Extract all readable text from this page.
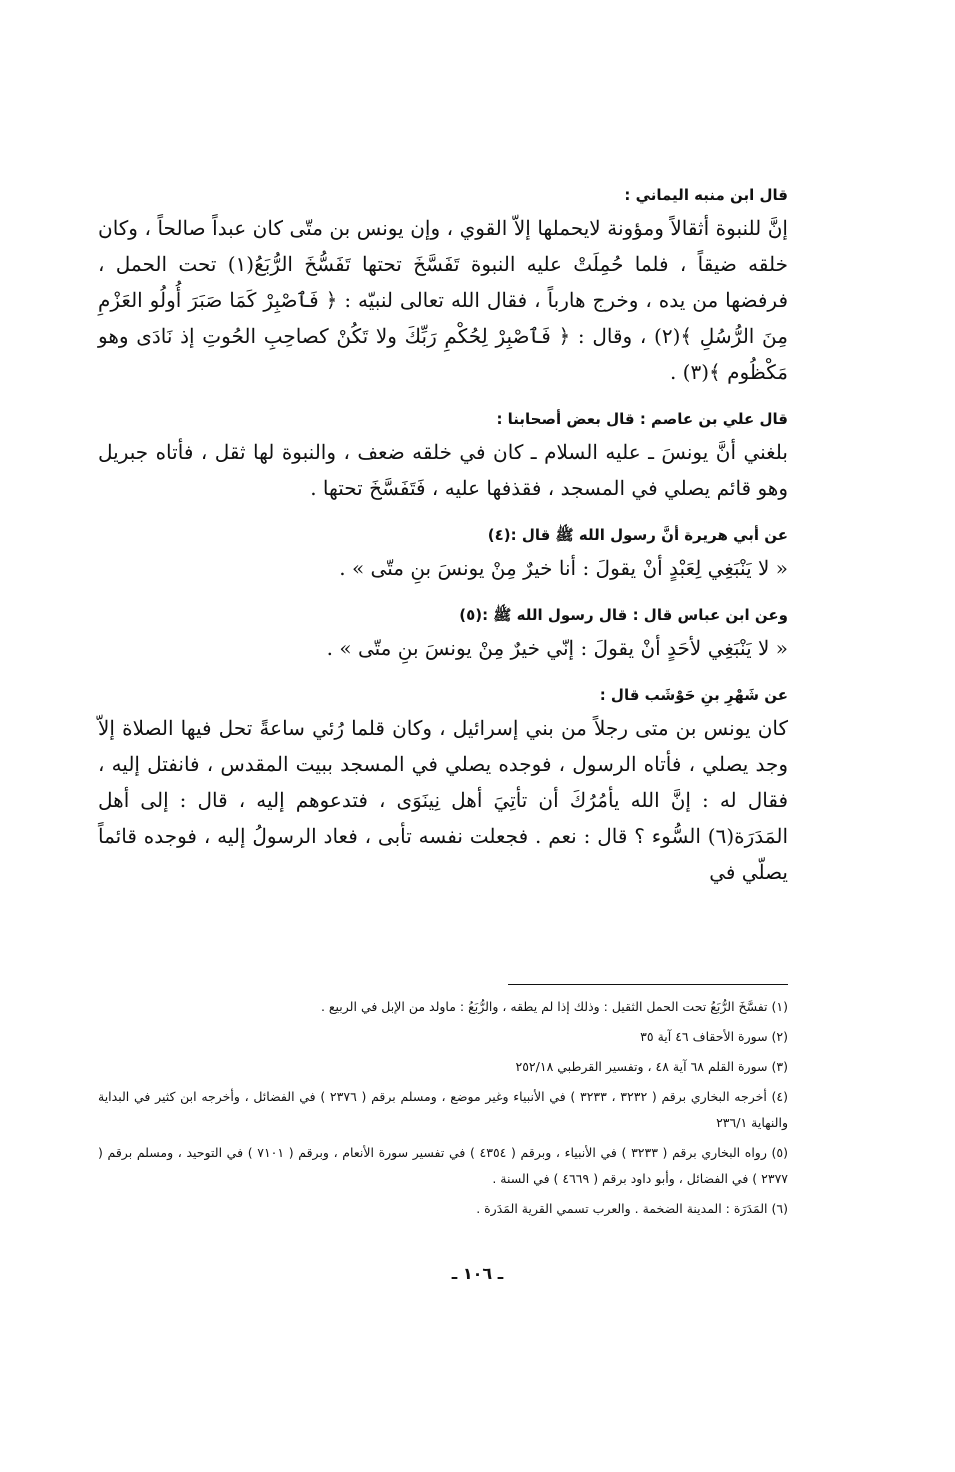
قال ابن منبه اليماني :

إنَّ للنبوة أثقالاً ومؤونة لايحملها إلاّ القوي ، وإن يونس بن متّى كان عبداً صالحاً ، وكان خلقه ضيقاً ، فلما حُمِلَتْ عليه النبوة تَفَسَّخَ تحتها تَفَسُّخَ الرُّبَعُ(١) تحت الحمل ، فرفضها من يده ، وخرج هارباً ، فقال الله تعالى لنبيّه : ﴿ فَٱصْبِرْ كَمَا صَبَرَ أُولُو العَزْمِ مِنَ الرُّسُلِ ﴾(٢) ، وقال : ﴿ فَٱصْبِرْ لِحُكْمِ رَبِّكَ ولا تَكُنْ كصاحِبِ الحُوتِ إذ نَادَى وهو مَكْظُوم ﴾(٣) .

قال علي بن عاصم : قال بعض أصحابنا :

بلغني أنَّ يونسَ ـ عليه السلام ـ كان في خلقه ضعف ، والنبوة لها ثقل ، فأتاه جبريل وهو قائم يصلي في المسجد ، فقذفها عليه ، فَتَفَسَّخَ تحتها .

عن أبي هريرة أنَّ رسول الله ﷺ قال :(٤)

« لا يَنْبَغِي لِعَبْدٍ أنْ يقولَ : أنا خيرٌ مِنْ يونسَ بنِ متّى » .

وعن ابن عباس قال : قال رسول الله ﷺ :(٥)

« لا يَنْبَغِي لأحَدٍ أنْ يقولَ : إنّي خيرٌ مِنْ يونسَ بنِ متّى » .

عن شَهْرِ بنِ حَوْشَب قال :

كان يونس بن متى رجلاً من بني إسرائيل ، وكان قلما رُئي ساعةً تحل فيها الصلاة إلاّ وجد يصلي ، فأتاه الرسول ، فوجده يصلي في المسجد ببيت المقدس ، فانفتل إليه ، فقال له : إنَّ الله يأمُرُكَ أن تأتِيَ أهل نِينَوَى ، فتدعوهم إليه ، قال : إلى أهل المَدَرَة(٦) السُّوء ؟ قال : نعم . فجعلت نفسه تأبى ، فعاد الرسولُ إليه ، فوجده قائماً يصلّي في

(١) تفسَّخَ الرُّبَعُ تحت الحمل الثقيل : وذلك إذا لم يطقه ، والرُّبَعُ : ماولد من الإبل في الربيع .

(٢) سورة الأحقاف ٤٦ آية ٣٥

(٣) سورة القلم ٦٨ آية ٤٨ ، وتفسير القرطبي ٢٥٢/١٨

(٤) أخرجه البخاري برقم ( ٣٢٣٢ ، ٣٢٣٣ ) في الأنبياء وغير موضع ، ومسلم برقم ( ٢٣٧٦ ) في الفضائل ، وأخرجه ابن كثير في البداية والنهاية ٢٣٦/١

(٥) رواه البخاري برقم ( ٣٢٣٣ ) في الأنبياء ، وبرقم ( ٤٣٥٤ ) في تفسير سورة الأنعام ، وبرقم ( ٧١٠١ ) في التوحيد ، ومسلم برقم ( ٢٣٧٧ ) في الفضائل ، وأبو داود برقم ( ٤٦٦٩ ) في السنة .

(٦) المَدَرَة : المدينة الضخمة . والعرب تسمي القرية المَدَرة .

ـ ١٠٦ ـ
